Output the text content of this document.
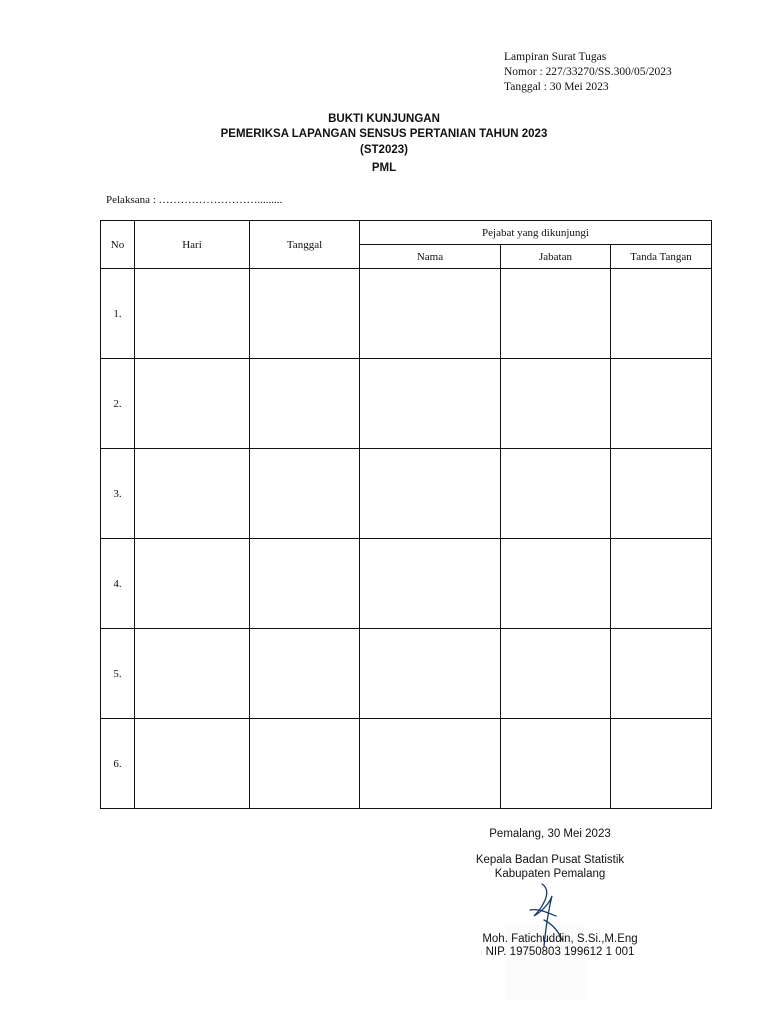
Lampiran Surat Tugas
Nomor : 227/33270/SS.300/05/2023
Tanggal : 30 Mei 2023
BUKTI KUNJUNGAN
PEMERIKSA LAPANGAN SENSUS PERTANIAN TAHUN 2023
(ST2023)
PML
Pelaksana : ……………………….........
No	Hari	Tanggal	Pejabat yang dikunjungi		
			Nama	Jabatan	Tanda Tangan
1.					
2.					
3.					
4.					
5.					
6.					
Pemalang, 30 Mei 2023
Kepala Badan Pusat Statistik
Kabupaten Pemalang
Moh. Fatichuddin, S.Si.,M.Eng
NIP. 19750803 199612 1 001
